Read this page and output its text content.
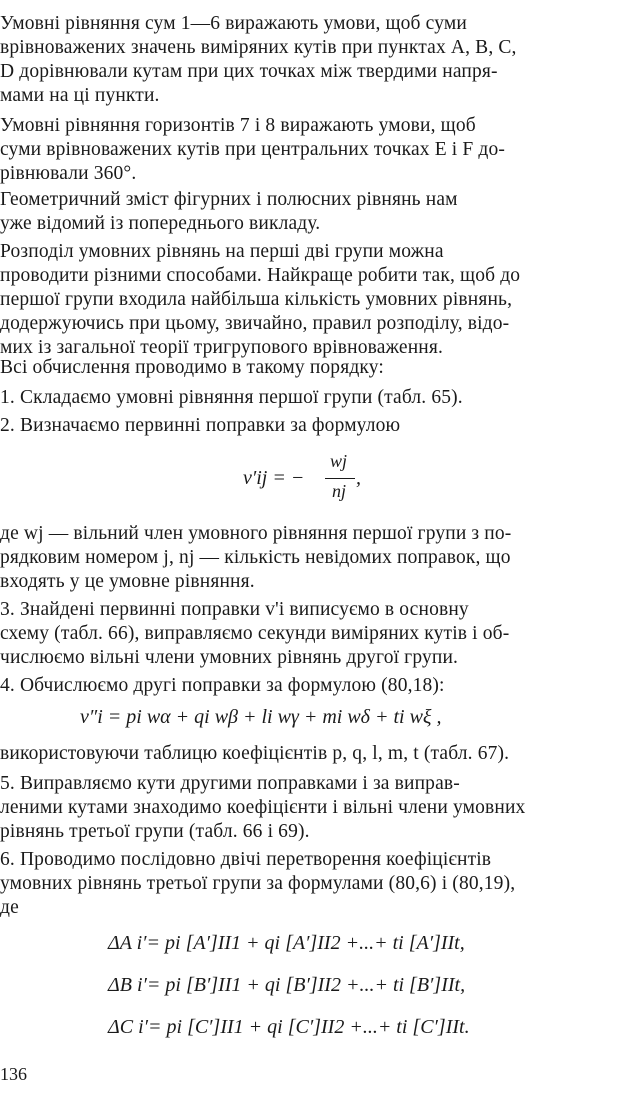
Умовні рівняння сум 1—6 виражають умови, щоб суми
врівноважених значень виміряних кутів при пунктах A, B, C,
D дорівнювали кутам при цих точках між твердими напря-
мами на ці пункти.
Умовні рівняння горизонтів 7 і 8 виражають умови, щоб
суми врівноважених кутів при центральних точках E і F до-
рівнювали 360°.
Геометричний зміст фігурних і полюсних рівнянь нам
уже відомий із попереднього викладу.
Розподіл умовних рівнянь на перші дві групи можна
проводити різними способами. Найкраще робити так, щоб до
першої групи входила найбільша кількість умовних рівнянь,
додержуючись при цьому, звичайно, правил розподілу, відо-
мих із загальної теорії тригрупового врівноваження.
Всі обчислення проводимо в такому порядку:
1. Складаємо умовні рівняння першої групи (табл. 65).
2. Визначаємо первинні поправки за формулою
v′ij = −
wj
nj
,
де wj — вільний член умовного рівняння першої групи з по-
рядковим номером j, nj — кількість невідомих поправок, що
входять у це умовне рівняння.
3. Знайдені первинні поправки v'i виписуємо в основну
схему (табл. 66), виправляємо секунди виміряних кутів і об-
числюємо вільні члени умовних рівнянь другої групи.
4. Обчислюємо другі поправки за формулою (80,18):
v″i = pi wα + qi wβ + li wγ + mi wδ + ti wξ ,
використовуючи таблицю коефіцієнтів p, q, l, m, t (табл. 67).
5. Виправляємо кути другими поправками і за виправ-
леними кутами знаходимо коефіцієнти і вільні члени умовних
рівнянь третьої групи (табл. 66 і 69).
6. Проводимо послідовно двічі перетворення коефіцієнтів
умовних рівнянь третьої групи за формулами (80,6) і (80,19),
де
ΔA i′= pi [A′]II1 + qi [A′]II2 +...+ ti [A′]IIt,
ΔB i′= pi [B′]II1 + qi [B′]II2 +...+ ti [B′]IIt,
ΔC i′= pi [C′]II1 + qi [C′]II2 +...+ ti [C′]IIt.
136
